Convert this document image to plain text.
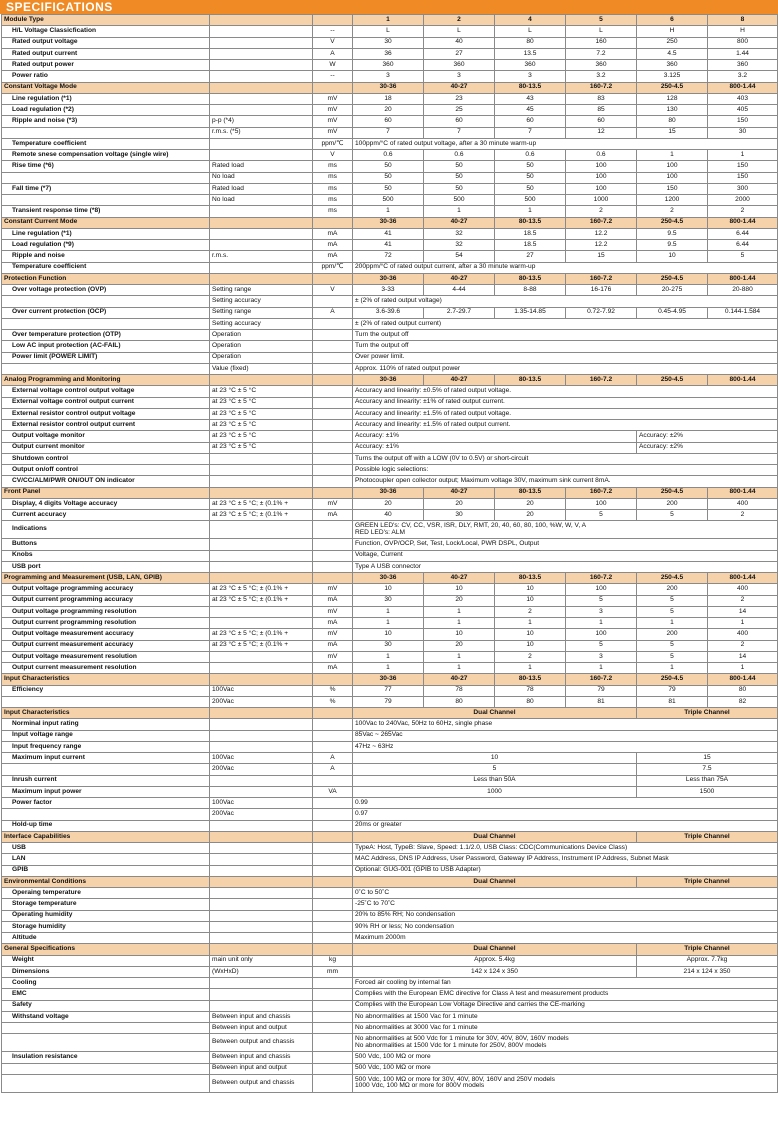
SPECIFICATIONS
Module Type			1	2	4	5	6	8
H/L Voltage Classicfication		--	L	L	L	L	H	H
Rated output voltage		V	30	40	80	160	250	800
Rated output current		A	36	27	13.5	7.2	4.5	1.44
Rated output power		W	360	360	360	360	360	360
Power ratio		--	3	3	3	3.2	3.125	3.2
Constant Voltage Mode			30-36	40-27	80-13.5	160-7.2	250-4.5	800-1.44
Line regulation (*1)		mV	18	23	43	83	128	403
Load regulation (*2)		mV	20	25	45	85	130	405
Ripple and noise (*3)	p-p (*4)	mV	60	60	60	60	80	150
	r.m.s. (*5)	mV	7	7	7	12	15	30
Temperature coefficient		ppm/℃	100ppm/°C of rated output voltage, after a 30 minute warm-up					
Remote snese compensation voltage (single wire)		V	0.6	0.6	0.6	0.6	1	1
Rise time (*6)	Rated load	ms	50	50	50	100	100	150
	No load	ms	50	50	50	100	100	150
Fall time (*7)	Rated load	ms	50	50	50	100	150	300
	No load	ms	500	500	500	1000	1200	2000
Transient response time (*8)		ms	1	1	1	2	2	2
Constant Current Mode			30-36	40-27	80-13.5	160-7.2	250-4.5	800-1.44
Line regulation (*1)		mA	41	32	18.5	12.2	9.5	6.44
Load regulation (*9)		mA	41	32	18.5	12.2	9.5	6.44
Ripple and noise	r.m.s.	mA	72	54	27	15	10	5
Temperature coefficient		ppm/℃	200ppm/°C of rated output current, after a 30 minute warm-up					
Protection Function			30-36	40-27	80-13.5	160-7.2	250-4.5	800-1.44
Over voltage protection (OVP)	Setting range	V	3-33	4-44	8-88	16-176	20-275	20-880
	Setting accuracy		± (2% of rated output voltage)					
Over current protection (OCP)	Setting range	A	3.6-39.6	2.7-29.7	1.35-14.85	0.72-7.92	0.45-4.95	0.144-1.584
	Setting accuracy		± (2% of rated output current)					
Over temperature protection (OTP)	Operation		Turn the output off					
Low AC input protection (AC-FAIL)	Operation		Turn the output off					
Power limit (POWER LIMIT)	Operation		Over power limit.					
	Value (fixed)		Approx. 110% of rated output power					
Analog Programming and Monitoring			30-36	40-27	80-13.5	160-7.2	250-4.5	800-1.44
External voltage control output voltage	at 23 °C ± 5 °C		Accuracy and linearity: ±0.5% of rated output voltage.					
External voltage control output current	at 23 °C ± 5 °C		Accuracy and linearity: ±1% of rated output current.					
External resistor control output voltage	at 23 °C ± 5 °C		Accuracy and linearity: ±1.5% of rated output voltage.					
External resistor control output current	at 23 °C ± 5 °C		Accuracy and linearity: ±1.5% of rated output current.					
Output voltage monitor	at 23 °C ± 5 °C		Accuracy: ±1%				Accuracy: ±2%	
Output current monitor	at 23 °C ± 5 °C		Accuracy: ±1%				Accuracy: ±2%	
Shutdown control			Turns the output off with a LOW (0V to 0.5V) or short-circuit					
Output on/off control			Possible logic selections:					
CV/CC/ALM/PWR ON/OUT ON indicator			Photocoupler open collector output; Maximum voltage 30V, maximum sink current 8mA.					
Front Panel			30-36	40-27	80-13.5	160-7.2	250-4.5	800-1.44
Display, 4 digits Voltage accuracy	at 23 °C ± 5 °C; ± (0.1% +	mV	20	20	20	100	200	400
Current accuracy	at 23 °C ± 5 °C; ± (0.1% +	mA	40	30	20	5	5	2
Indications			GREEN LED's: CV, CC, VSR, ISR, DLY, RMT, 20, 40, 60, 80, 100, %W, W, V, A
RED LED's: ALM					
Buttons			Function, OVP/OCP, Set, Test, Lock/Local, PWR DSPL, Output					
Knobs			Voltage, Current					
USB port			Type A USB connector					
Programming and Measurement (USB, LAN, GPIB)			30-36	40-27	80-13.5	160-7.2	250-4.5	800-1.44
Output voltage programming accuracy	at 23 °C ± 5 °C; ± (0.1% +	mV	10	10	10	100	200	400
Output current programming accuracy	at 23 °C ± 5 °C; ± (0.1% +	mA	30	20	10	5	5	2
Output voltage programming resolution		mV	1	1	2	3	5	14
Output current programming resolution		mA	1	1	1	1	1	1
Output voltage measurement accuracy	at 23 °C ± 5 °C; ± (0.1% +	mV	10	10	10	100	200	400
Output current measurement accuracy	at 23 °C ± 5 °C; ± (0.1% +	mA	30	20	10	5	5	2
Output voltage measurement resolution		mV	1	1	2	3	5	14
Output current measurement resolution		mA	1	1	1	1	1	1
Input Characteristics			30-36	40-27	80-13.5	160-7.2	250-4.5	800-1.44
Efficiency	100Vac	%	77	78	78	79	79	80
	200Vac	%	79	80	80	81	81	82
Input Characteristics			Dual Channel				Triple Channel	
Norminal input rating			100Vac to 240Vac, 50Hz to 60Hz, single phase					
Input voltage range			85Vac ~ 265Vac					
Input frequency range			47Hz ~ 63Hz					
Maximum input current	100Vac	A	10				15	
	200Vac	A	5				7.5	
Inrush current			Less than 50A				Less than 75A	
Maximum input power		VA	1000				1500	
Power factor	100Vac		0.99					
	200Vac		0.97					
Hold-up time			20ms or greater					
Interface Capabilities			Dual Channel				Triple Channel	
USB			TypeA: Host, TypeB: Slave, Speed: 1.1/2.0, USB Class: CDC(Communications Device Class)					
LAN			MAC Address, DNS IP Address, User Password, Gateway IP Address, Instrument IP Address, Subnet Mask					
GPIB			Optional: GUG-001 (GPIB to USB Adapter)					
Environmental Conditions			Dual Channel				Triple Channel	
Operaing temperature			0˚C to 50˚C					
Storage temperature			-25˚C to 70˚C					
Operating humidity			20% to 85% RH; No condensation					
Storage humidity			90% RH or less; No condensation					
Altitude			Maximum 2000m					
General Specifications			Dual Channel				Triple Channel	
Weight	main unit only	kg	Approx. 5.4kg				Approx. 7.7kg	
Dimensions	(WxHxD)	mm	142 x 124 x 350				214 x 124 x 350	
Cooling			Forced air cooling by internal fan					
EMC			Complies with the European EMC directive for Class A test and measurement products					
Safety			Complies with the European Low Voltage Directive and carries the CE-marking					
Withstand voltage	Between input and chassis		No abnormalities at 1500 Vac for 1 minute					
	Between input and output		No abnormalities at 3000 Vac for 1 minute					
	Between output and chassis		No abnormalities at 500 Vdc for 1 minute for 30V, 40V, 80V, 160V models
No abnormalities at 1500 Vdc for 1 minute for 250V, 800V models					
Insulation resistance	Between input and chassis		500 Vdc, 100 MΩ or more					
	Between input and output		500 Vdc, 100 MΩ or more					
	Between output and chassis		500 Vdc, 100 MΩ or more for 30V, 40V, 80V, 160V and 250V models
1000 Vdc, 100 MΩ or more for 800V models					
